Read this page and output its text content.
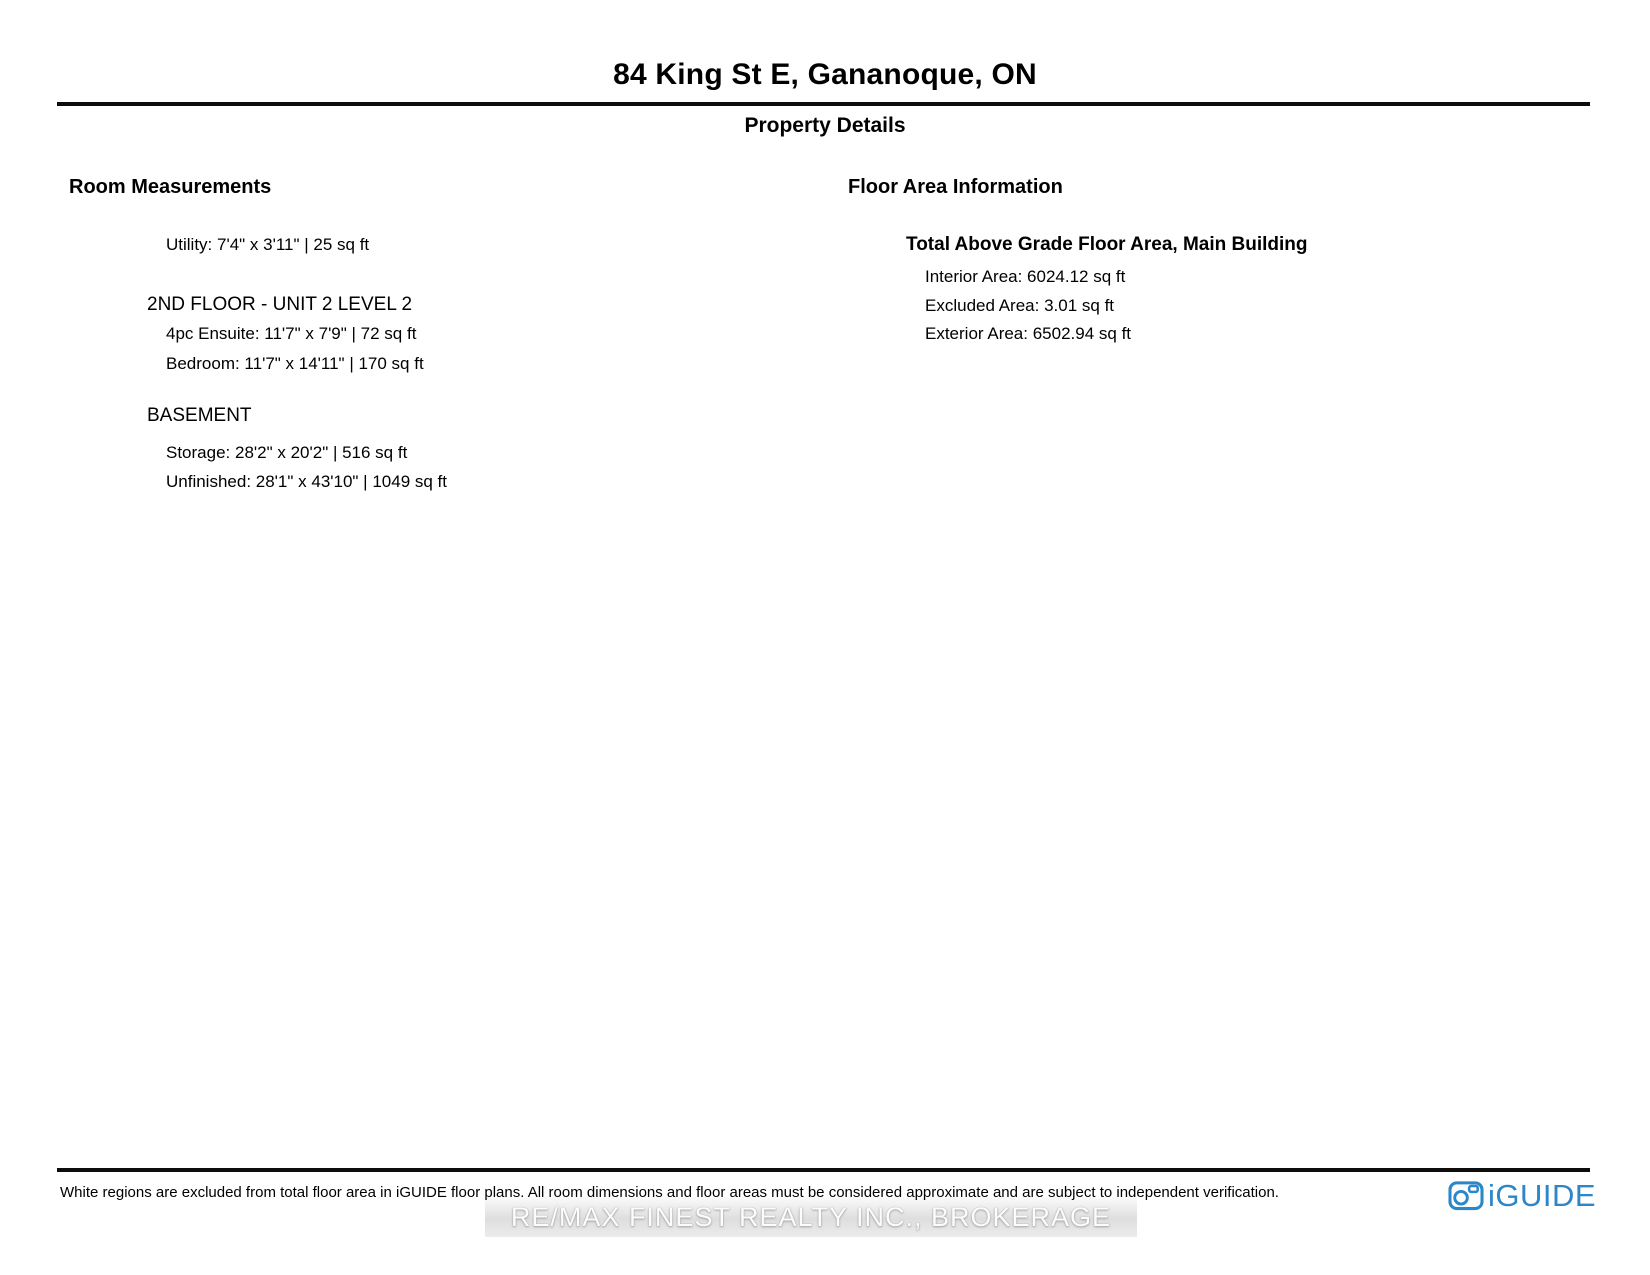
84 King St E, Gananoque, ON
Property Details
Room Measurements
Utility: 7'4" x 3'11" | 25 sq ft
2ND FLOOR - UNIT 2 LEVEL 2
4pc Ensuite: 11'7" x 7'9" | 72 sq ft
Bedroom: 11'7" x 14'11" | 170 sq ft
BASEMENT
Storage: 28'2" x 20'2" | 516 sq ft
Unfinished: 28'1" x 43'10" | 1049 sq ft
Floor Area Information
Total Above Grade Floor Area, Main Building
Interior Area: 6024.12 sq ft
Excluded Area: 3.01 sq ft
Exterior Area: 6502.94 sq ft
RE/MAX FINEST REALTY INC., BROKERAGE
White regions are excluded from total floor area in iGUIDE floor plans. All room dimensions and floor areas must be considered approximate and are subject to independent verification.	iGUIDE
